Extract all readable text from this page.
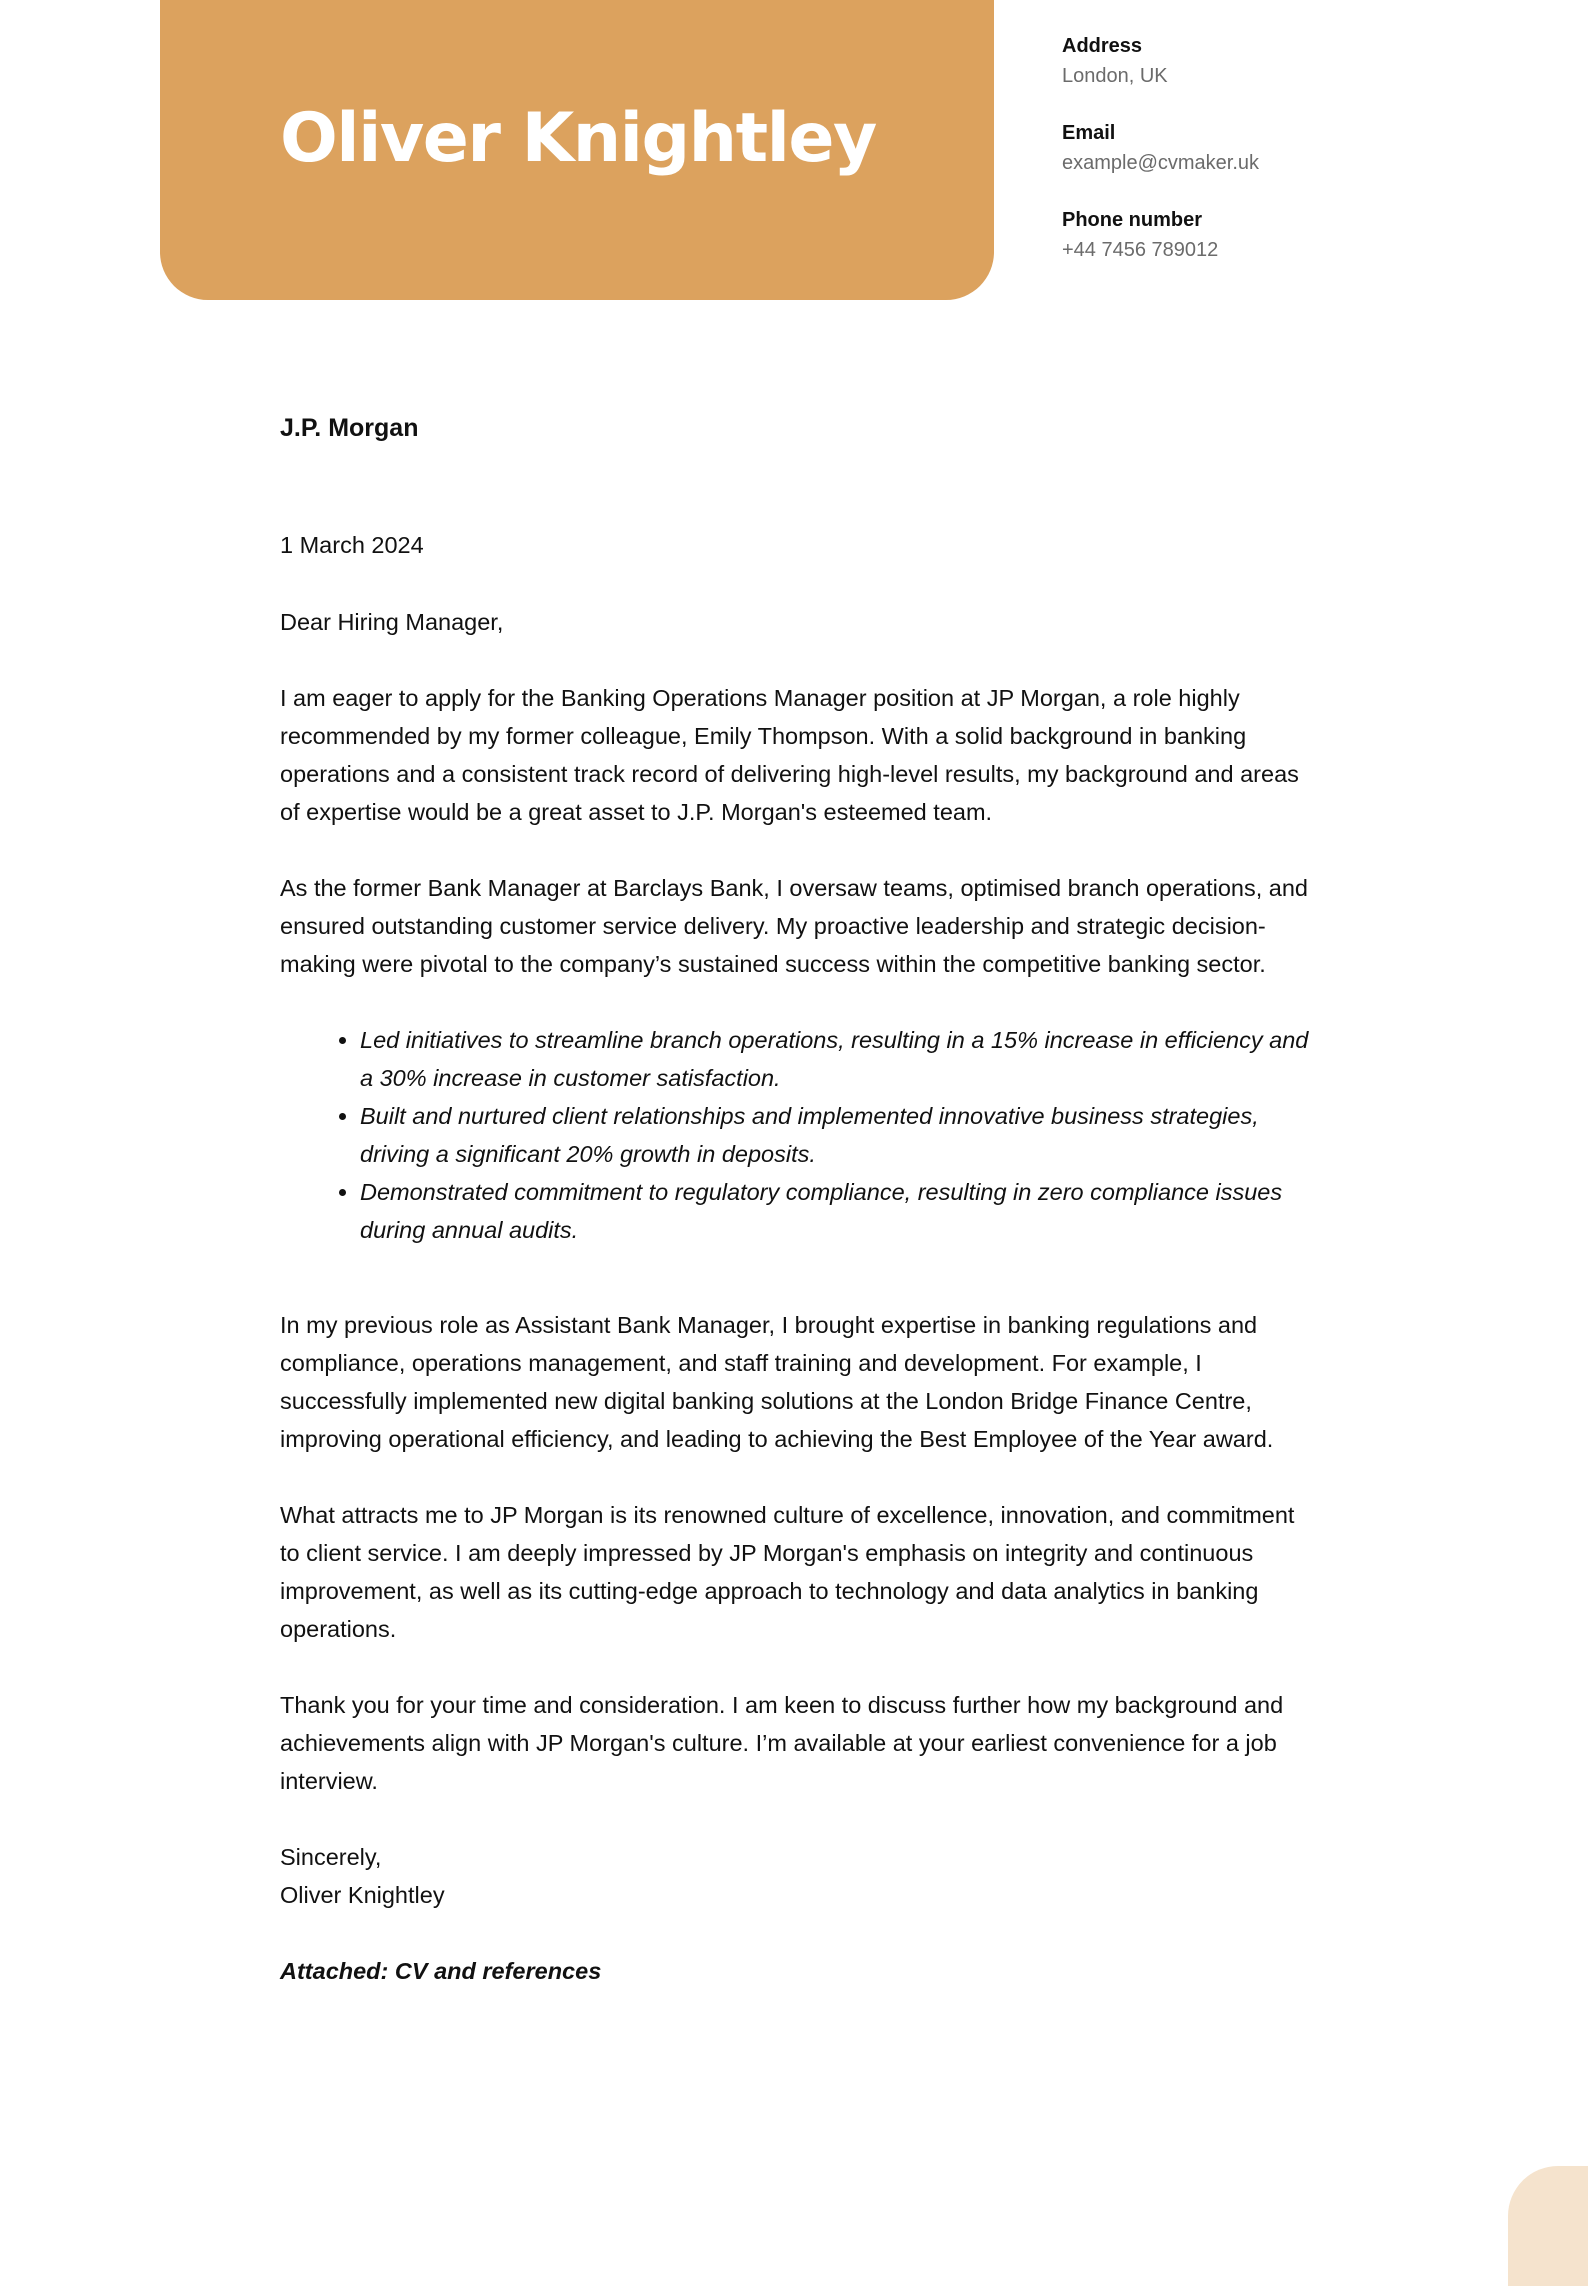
Oliver Knightley
Address
London, UK
Email
example@cvmaker.uk
Phone number
+44 7456 789012
J.P. Morgan
1 March 2024

Dear Hiring Manager,

I am eager to apply for the Banking Operations Manager position at JP Morgan, a role highly recommended by my former colleague, Emily Thompson. With a solid background in banking operations and a consistent track record of delivering high-level results, my background and areas of expertise would be a great asset to J.P. Morgan's esteemed team.

As the former Bank Manager at Barclays Bank, I oversaw teams, optimised branch operations, and ensured outstanding customer service delivery. My proactive leadership and strategic decision-making were pivotal to the company’s sustained success within the competitive banking sector.

• Led initiatives to streamline branch operations, resulting in a 15% increase in efficiency and a 30% increase in customer satisfaction.
• Built and nurtured client relationships and implemented innovative business strategies, driving a significant 20% growth in deposits.
• Demonstrated commitment to regulatory compliance, resulting in zero compliance issues during annual audits.

In my previous role as Assistant Bank Manager, I brought expertise in banking regulations and compliance, operations management, and staff training and development. For example, I successfully implemented new digital banking solutions at the London Bridge Finance Centre, improving operational efficiency, and leading to achieving the Best Employee of the Year award.

What attracts me to JP Morgan is its renowned culture of excellence, innovation, and commitment to client service. I am deeply impressed by JP Morgan's emphasis on integrity and continuous improvement, as well as its cutting-edge approach to technology and data analytics in banking operations.

Thank you for your time and consideration. I am keen to discuss further how my background and achievements align with JP Morgan's culture. I’m available at your earliest convenience for a job interview.

Sincerely,

Oliver Knightley

Attached: CV and references
